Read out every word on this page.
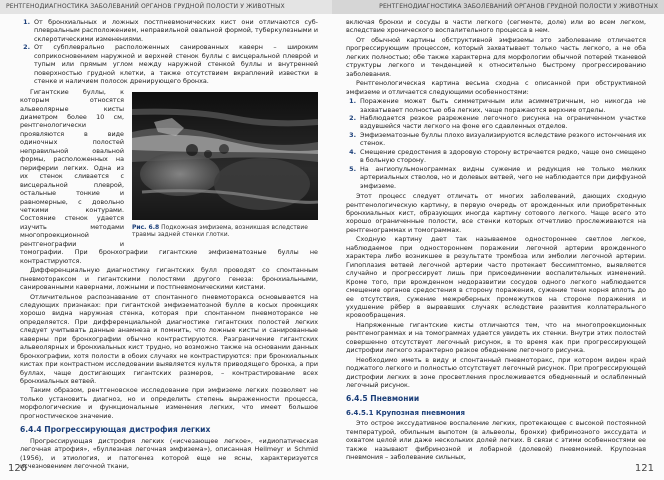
РЕНТГЕНОДИАГНОСТИКА ЗАБОЛЕВАНИЙ ОРГАНОВ ГРУДНОЙ ПОЛОСТИ У ЖИВОТНЫХ
1. От бронхиальных и ложных постпневмонических кист они отличаются суб-плевральным расположением, неправильной овальной формой, туберкулезными и склеротическими изменениями.
2. От субплеврально расположенных санированных каверн – широким соприкосновением наружной и верхней стенок буллы с висцеральной плеврой и тупым или прямым углом между наружной стенкой буллы и внутренней поверхностью грудной клетки, а также отсутствием вкраплений известки в стенке и наличием полосок дренирующего бронха.
Рис. 6.8 Подкожная эмфизема, возникшая вследствие травмы задней стенки глотки.

Гигантские буллы, к которым относятся альвеолярные кисты диаметром более 10 см, рентгенологически проявляются в виде одиночных полостей неправильной овальной формы, расположенных на периферии легких. Одна из их стенок сливается с висцеральной плеврой, остальные тонкие и равномерные, с довольно четкими контурами. Состояние стенок удается изучить методами многопроекционной рентгенографии и томографии. При бронхографии гигантские эмфизематозные буллы не контрастируются.

Дифференциальную диагностику гигантских булл проводят со спонтанным пневмотораксом и гигантскими полостями другого генеза: бронхиальными, санированными кавернами, ложными и постпневмоническими кистами.

Отличительное распознавание от спонтанного пневмоторакса основывается на следующих признаках: при гигантской эмфизематозной булле в косых проекциях хорошо видна наружная стенка, которая при спонтанном пневмотораксе не определяется. При дифференциальной диагностике гигантских полостей легких следует учитывать данные анамнеза и помнить, что ложные кисты и санированные каверны при бронхографии обычно контрастируются. Разграничение гигантских альвеолярных и бронхиальных кист трудно, но возможно также на основании данных бронхографии, хотя полости в обоих случаях не контрастируются: при бронхиальных кистах при контрастном исследовании выявляется культя приводящего бронха, а при буллах, чаще достигающих гигантских размеров, – контрастирование всех бронхиальных ветвей.

Таким образом, рентгеновское исследование при эмфиземе легких позволяет не только установить диагноз, но и определить степень выраженности процесса, морфологические и функциональные изменения легких, что имеет большое прогностическое значение.

6.4.4 Прогрессирующая дистрофия легких

Прогрессирующая дистрофия легких («исчезающее легкое», «идиопатическая легочная атрофия», «буллезная легочная эмфизема»), описанная Heilmeyr и Schmid (1956), и этиология, и патогенез которой еще не ясны, характеризуется исчезновением легочной ткани,

120
РЕНТГЕНОДИАГНОСТИКА ЗАБОЛЕВАНИЙ ОРГАНОВ ГРУДНОЙ ПОЛОСТИ У ЖИВОТНЫХ

включая бронхи и сосуды в части легкого (сегменте, доле) или во всем легком, вследствие хронического воспалительного процесса в нем.

От обычной картины обструктивной эмфиземы это заболевание отличается прогрессирующим процессом, который захватывает только часть легкого, а не оба легких полностью; обе также характерна для морфологии обычной потерей тканевой структуры легкого и тенденцией к относительно быстрому прогрессированию заболевания.

Рентгенологическая картина весьма сходна с описанной при обструктивной эмфиземе и отличается следующими особенностями:

1. Поражение может быть симметричным или асимметричным, но никогда не захватывает полностью оба легких, чаще поражаются верхние отделы.
2. Наблюдается резкое разрежение легочного рисунка на ограниченном участке вздувшейся части легкого на фоне его сдавленных отделов.
3. Эмфизематозные буллы плохо визуализируются вследствие резкого истончения их стенок.
4. Смещение средостения в здоровую сторону встречается редко, чаще оно смещено в больную сторону.
5. На ангиопульмонограммах видны сужение и редукция не только мелких артериальных стволов, но и долевых ветвей, чего не наблюдается при диффузной эмфиземе.

Этот процесс следует отличать от многих заболеваний, дающих сходную рентгенологическую картину, в первую очередь от врожденных или приобретенных бронхиальных кист, образующих иногда картину сотового легкого. Чаще всего это хорошо ограниченные полости, все стенки которых отчетливо прослеживаются на рентгенограммах и томограммах.

Сходную картину дает так называемое одностороннее светлое легкое, наблюдаемое при одностороннем поражении легочной артерии врожденного характера либо возникшее в результате тромбоза или эмболии легочной артерии. Гипоплазия ветвей легочной артерии часто протекает бессимптомно, выявляется случайно и прогрессирует лишь при присоединении воспалительных изменений. Кроме того, при врожденном недоразвитии сосудов одного легкого наблюдается смещение органов средостения в сторону поражения, сужение тени корня вплоть до ее отсутствия, сужение межреберных промежутков на стороне поражения и ухудшение рёбер в вырвавших случаях вследствие развития коллатерального кровообращения.

Напряженные гигантские кисты отличаются тем, что на многопроекционных рентгенограммах и на томограммах удается увидеть их стенки. Внутри этих полостей совершенно отсутствует легочный рисунок, в то время как при прогрессирующей дистрофии легкого характерно резкое обеднение легочного рисунка.

Необходимо иметь в виду и спонтанный пневмоторакс, при котором виден край поджатого легкого и полностью отсутствует легочный рисунок. При прогрессирующей дистрофии легких в зоне просветления прослеживается обедненный и ослабленный легочный рисунок.

6.4.5 Пневмонии
6.4.5.1 Крупозная пневмония

Это острое экссудативное воспаление легких, протекающее с высокой постоянной температурой, обильным выпотом (в альвеолы, бронхи) фибринозного экссудата и охватом целой или даже нескольких долей легких. В связи с этими особенностями ее также называют фибринозной и лобарной (долевой) пневмонией. Крупозная пневмония – заболевание сильных,

121
